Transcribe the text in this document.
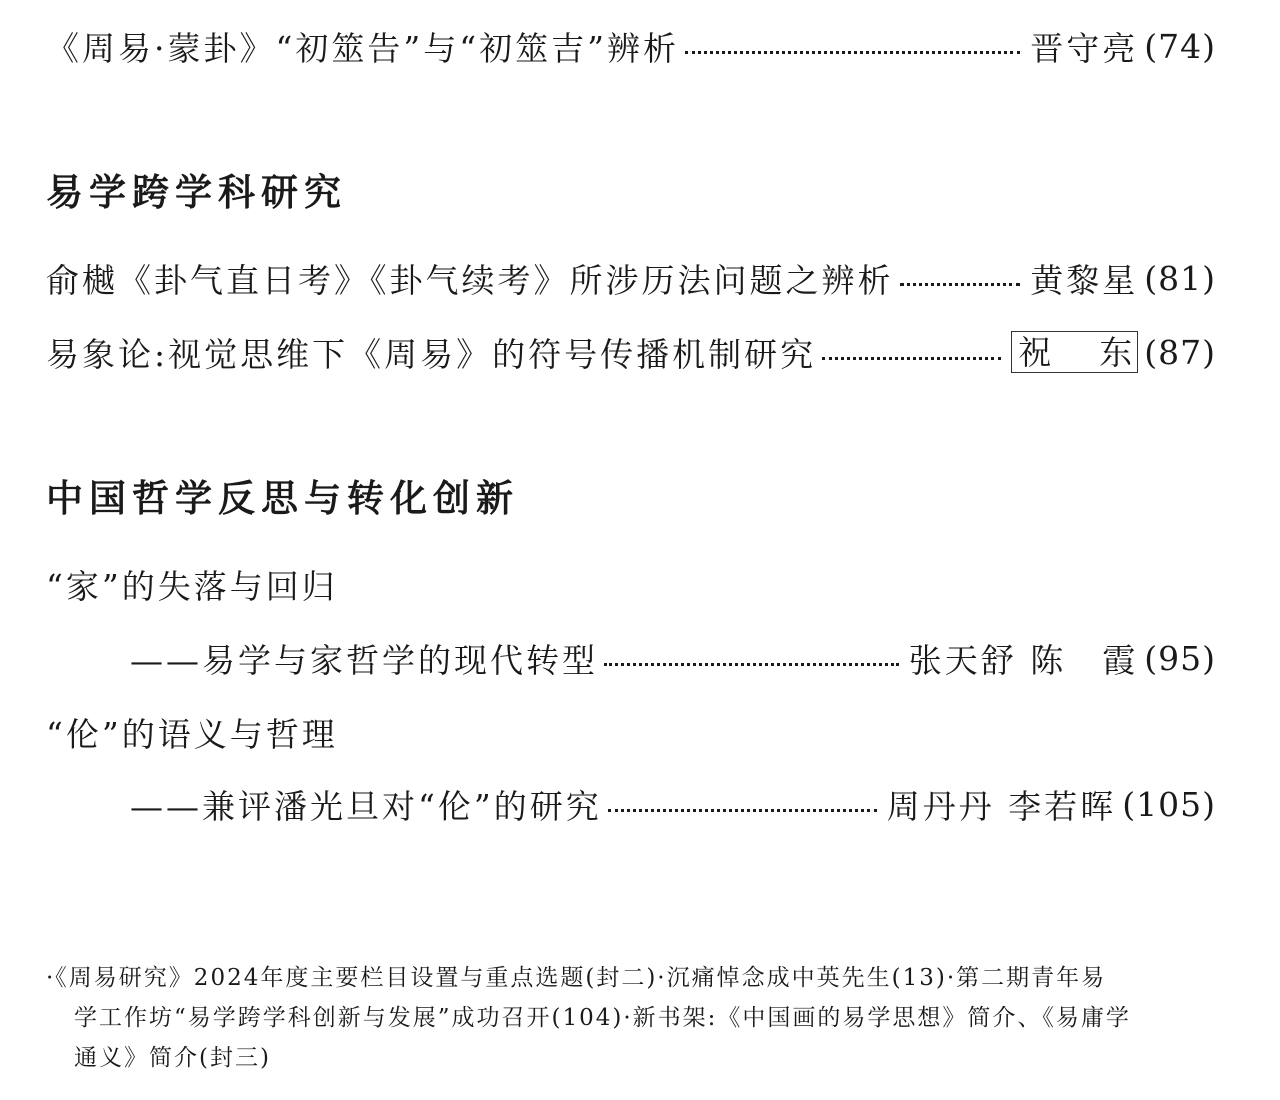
《周易·蒙卦》“初筮告”与“初筮吉”辨析	晋守亮 (74)
易学跨学科研究
俞樾《卦气直日考》《卦气续考》所涉历法问题之辨析	黄黎星 (81)
易象论:视觉思维下《周易》的符号传播机制研究	祝 东 (87)
中国哲学反思与转化创新
“家”的失落与回归
——易学与家哲学的现代转型	张天舒 陈　霞 (95)
“伦”的语义与哲理
——兼评潘光旦对“伦”的研究	周丹丹 李若晖 (105)
·《周易研究》2024年度主要栏目设置与重点选题(封二)·沉痛悼念成中英先生(13)·第二期青年易
学工作坊“易学跨学科创新与发展”成功召开(104)·新书架:《中国画的易学思想》简介、《易庸学
通义》简介(封三)
